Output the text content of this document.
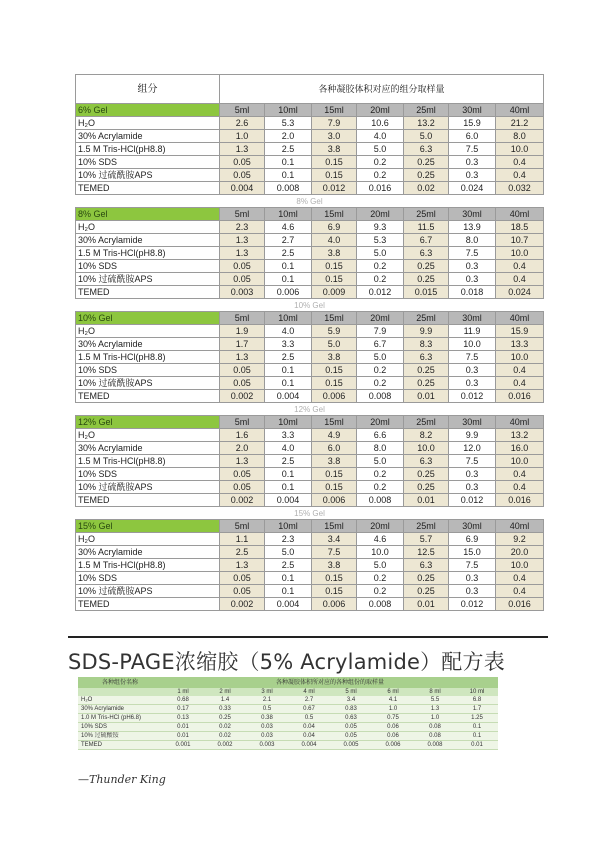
组分	各种凝胶体积对应的组分取样量						
6% Gel	5ml	10ml	15ml	20ml	25ml	30ml	40ml
H₂O	2.6	5.3	7.9	10.6	13.2	15.9	21.2
30% Acrylamide	1.0	2.0	3.0	4.0	5.0	6.0	8.0
1.5 M Tris-HCl(pH8.8)	1.3	2.5	3.8	5.0	6.3	7.5	10.0
10% SDS	0.05	0.1	0.15	0.2	0.25	0.3	0.4
10% 过硫酰胺APS	0.05	0.1	0.15	0.2	0.25	0.3	0.4
TEMED	0.004	0.008	0.012	0.016	0.02	0.024	0.032
8% Gel							
8% Gel	5ml	10ml	15ml	20ml	25ml	30ml	40ml
H₂O	2.3	4.6	6.9	9.3	11.5	13.9	18.5
30% Acrylamide	1.3	2.7	4.0	5.3	6.7	8.0	10.7
1.5 M Tris-HCl(pH8.8)	1.3	2.5	3.8	5.0	6.3	7.5	10.0
10% SDS	0.05	0.1	0.15	0.2	0.25	0.3	0.4
10% 过硫酰胺APS	0.05	0.1	0.15	0.2	0.25	0.3	0.4
TEMED	0.003	0.006	0.009	0.012	0.015	0.018	0.024
10% Gel							
10% Gel	5ml	10ml	15ml	20ml	25ml	30ml	40ml
H₂O	1.9	4.0	5.9	7.9	9.9	11.9	15.9
30% Acrylamide	1.7	3.3	5.0	6.7	8.3	10.0	13.3
1.5 M Tris-HCl(pH8.8)	1.3	2.5	3.8	5.0	6.3	7.5	10.0
10% SDS	0.05	0.1	0.15	0.2	0.25	0.3	0.4
10% 过硫酰胺APS	0.05	0.1	0.15	0.2	0.25	0.3	0.4
TEMED	0.002	0.004	0.006	0.008	0.01	0.012	0.016
12% Gel							
12% Gel	5ml	10ml	15ml	20ml	25ml	30ml	40ml
H₂O	1.6	3.3	4.9	6.6	8.2	9.9	13.2
30% Acrylamide	2.0	4.0	6.0	8.0	10.0	12.0	16.0
1.5 M Tris-HCl(pH8.8)	1.3	2.5	3.8	5.0	6.3	7.5	10.0
10% SDS	0.05	0.1	0.15	0.2	0.25	0.3	0.4
10% 过硫酰胺APS	0.05	0.1	0.15	0.2	0.25	0.3	0.4
TEMED	0.002	0.004	0.006	0.008	0.01	0.012	0.016
15% Gel							
15% Gel	5ml	10ml	15ml	20ml	25ml	30ml	40ml
H₂O	1.1	2.3	3.4	4.6	5.7	6.9	9.2
30% Acrylamide	2.5	5.0	7.5	10.0	12.5	15.0	20.0
1.5 M Tris-HCl(pH8.8)	1.3	2.5	3.8	5.0	6.3	7.5	10.0
10% SDS	0.05	0.1	0.15	0.2	0.25	0.3	0.4
10% 过硫酰胺APS	0.05	0.1	0.15	0.2	0.25	0.3	0.4
TEMED	0.002	0.004	0.006	0.008	0.01	0.012	0.016
SDS-PAGE浓缩胶（5% Acrylamide）配方表
各种组份名称	各种凝胶体积所对应的各种组份的取样量							
	1 ml	2 ml	3 ml	4 ml	5 ml	6 ml	8 ml	10 ml
H₂O	0.68	1.4	2.1	2.7	3.4	4.1	5.5	6.8
30% Acrylamide	0.17	0.33	0.5	0.67	0.83	1.0	1.3	1.7
1.0 M Tris-HCl (pH6.8)	0.13	0.25	0.38	0.5	0.63	0.75	1.0	1.25
10% SDS	0.01	0.02	0.03	0.04	0.05	0.06	0.08	0.1
10% 过硫酸铵	0.01	0.02	0.03	0.04	0.05	0.06	0.08	0.1
TEMED	0.001	0.002	0.003	0.004	0.005	0.006	0.008	0.01
—Thunder King
